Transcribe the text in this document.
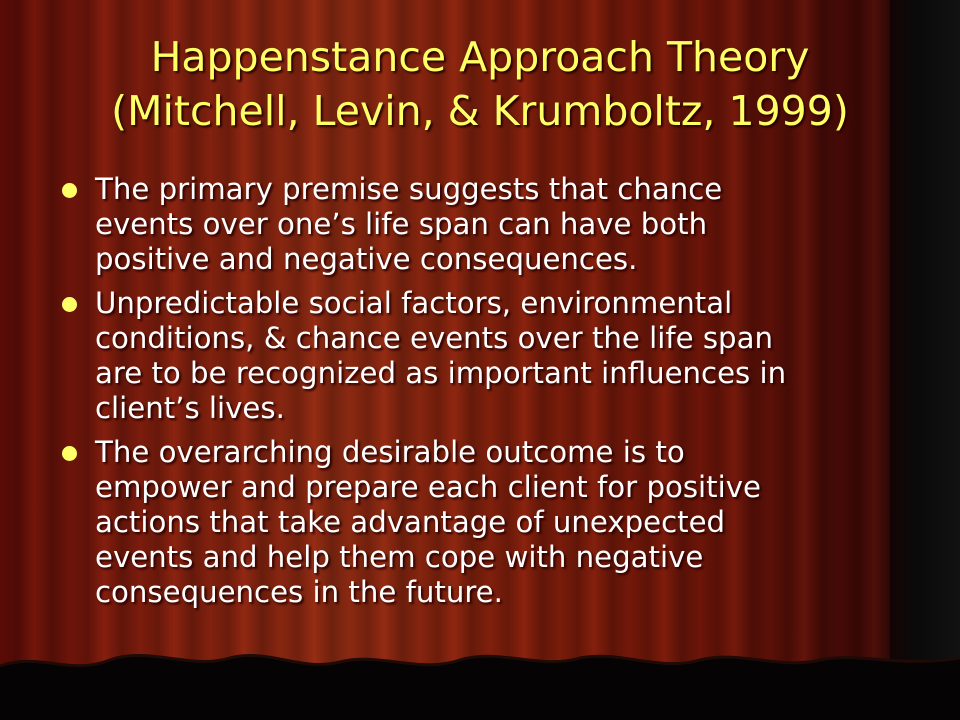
Happenstance Approach Theory
(Mitchell, Levin, & Krumboltz, 1999)
The primary premise suggests that chance
events over one’s life span can have both
positive and negative consequences.
Unpredictable social factors, environmental
conditions, & chance events over the life span
are to be recognized as important influences in
client’s lives.
The overarching desirable outcome is to
empower and prepare each client for positive
actions that take advantage of unexpected
events and help them cope with negative
consequences in the future.
